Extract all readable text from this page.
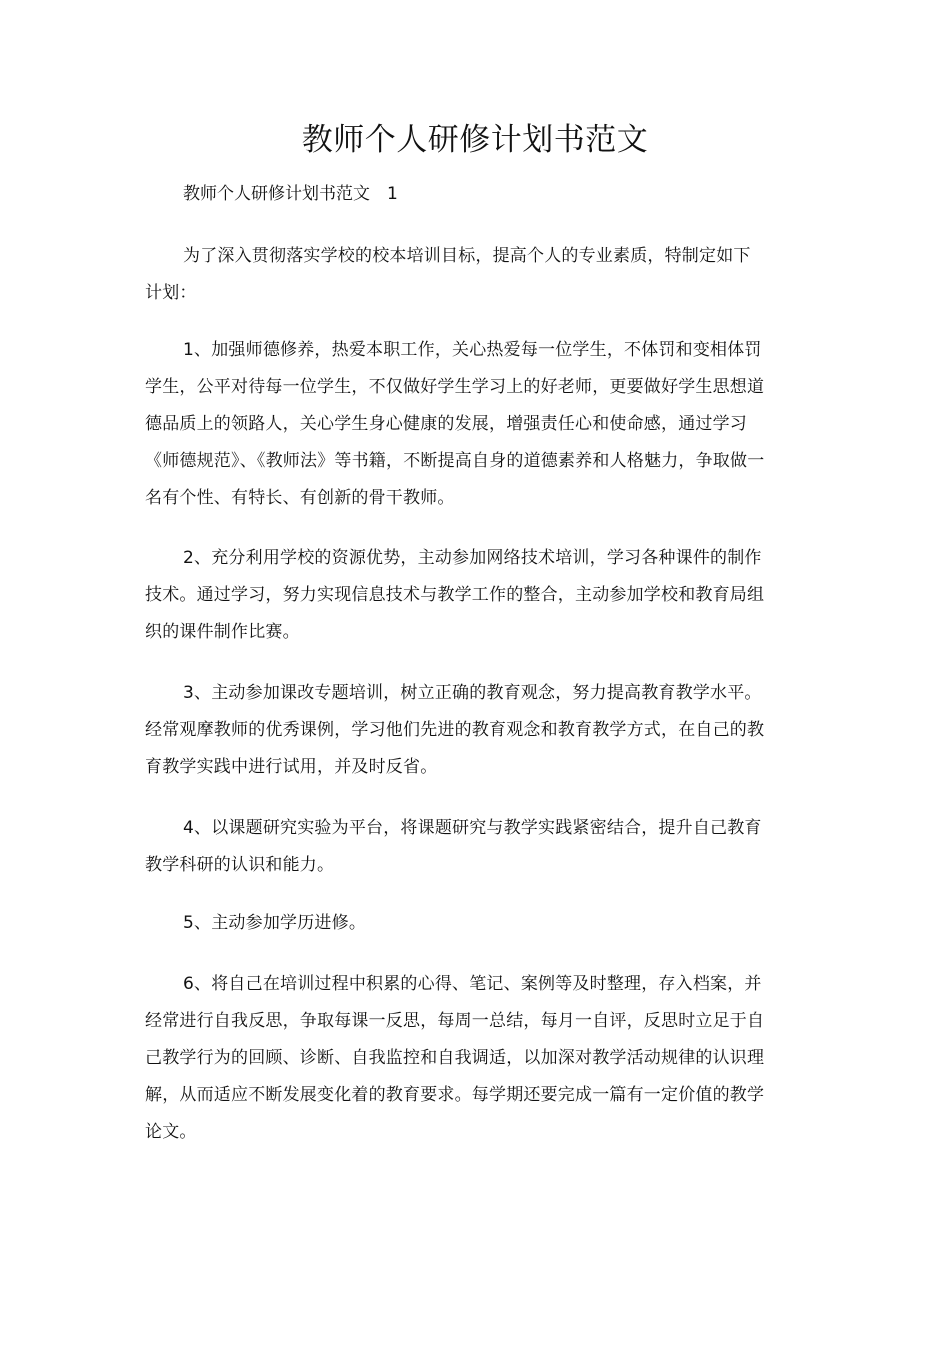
教师个人研修计划书范文

教师个人研修计划书范文　1

为了深入贯彻落实学校的校本培训目标，提高个人的专业素质，特制定如下计划：

1、加强师德修养，热爱本职工作，关心热爱每一位学生，不体罚和变相体罚学生，公平对待每一位学生，不仅做好学生学习上的好老师，更要做好学生思想道德品质上的领路人，关心学生身心健康的发展，增强责任心和使命感，通过学习《师德规范》、《教师法》等书籍，不断提高自身的道德素养和人格魅力，争取做一名有个性、有特长、有创新的骨干教师。

2、充分利用学校的资源优势，主动参加网络技术培训，学习各种课件的制作技术。通过学习，努力实现信息技术与教学工作的整合，主动参加学校和教育局组织的课件制作比赛。

3、主动参加课改专题培训，树立正确的教育观念，努力提高教育教学水平。经常观摩教师的优秀课例，学习他们先进的教育观念和教育教学方式，在自己的教育教学实践中进行试用，并及时反省。

4、以课题研究实验为平台，将课题研究与教学实践紧密结合，提升自己教育教学科研的认识和能力。

5、主动参加学历进修。

6、将自己在培训过程中积累的心得、笔记、案例等及时整理，存入档案，并经常进行自我反思，争取每课一反思，每周一总结，每月一自评，反思时立足于自己教学行为的回顾、诊断、自我监控和自我调适，以加深对教学活动规律的认识理解，从而适应不断发展变化着的教育要求。每学期还要完成一篇有一定价值的教学论文。
